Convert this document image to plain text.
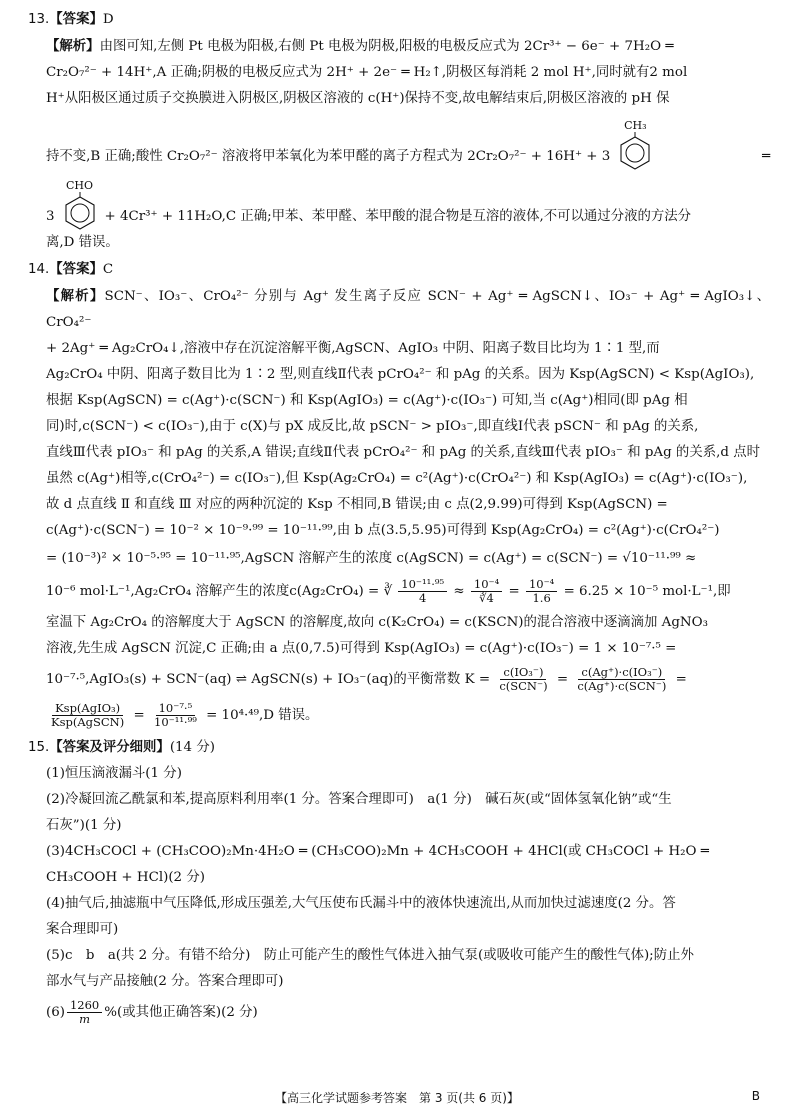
13.【答案】D

【解析】由图可知,左侧 Pt 电极为阳极,右侧 Pt 电极为阴极,阳极的电极反应式为 2Cr³⁺ − 6e⁻ + 7H₂O ═

Cr₂O₇²⁻ + 14H⁺,A 正确;阴极的电极反应式为 2H⁺ + 2e⁻ ═ H₂↑,阴极区每消耗 2 mol H⁺,同时就有2 mol

H⁺从阳极区通过质子交换膜进入阴极区,阴极区溶液的 c(H⁺)保持不变,故电解结束后,阴极区溶液的 pH 保

持不变,B 正确;酸性 Cr₂O₇²⁻ 溶液将甲苯氧化为苯甲醛的离子方程式为 2Cr₂O₇²⁻ + 16H⁺ + 3
CH₃
═
3
CHO
+ 4Cr³⁺ + 11H₂O,C 正确;甲苯、苯甲醛、苯甲酸的混合物是互溶的液体,不可以通过分液的方法分

离,D 错误。

14.【答案】C

【解析】SCN⁻、IO₃⁻、CrO₄²⁻ 分别与 Ag⁺ 发生离子反应 SCN⁻ + Ag⁺ ═ AgSCN↓、IO₃⁻ + Ag⁺ ═ AgIO₃↓、CrO₄²⁻

+ 2Ag⁺ ═ Ag₂CrO₄↓,溶液中存在沉淀溶解平衡,AgSCN、AgIO₃ 中阴、阳离子数目比均为 1∶1 型,而

Ag₂CrO₄ 中阴、阳离子数目比为 1∶2 型,则直线Ⅱ代表 pCrO₄²⁻ 和 pAg 的关系。因为 Ksp(AgSCN) < Ksp(AgIO₃),

根据 Ksp(AgSCN) = c(Ag⁺)·c(SCN⁻) 和 Ksp(AgIO₃) = c(Ag⁺)·c(IO₃⁻) 可知,当 c(Ag⁺)相同(即 pAg 相

同)时,c(SCN⁻) < c(IO₃⁻),由于 c(X)与 pX 成反比,故 pSCN⁻ > pIO₃⁻,即直线Ⅰ代表 pSCN⁻ 和 pAg 的关系,

直线Ⅲ代表 pIO₃⁻ 和 pAg 的关系,A 错误;直线Ⅱ代表 pCrO₄²⁻ 和 pAg 的关系,直线Ⅲ代表 pIO₃⁻ 和 pAg 的关系,d 点时

虽然 c(Ag⁺)相等,c(CrO₄²⁻) = c(IO₃⁻),但 Ksp(Ag₂CrO₄) = c²(Ag⁺)·c(CrO₄²⁻) 和 Ksp(AgIO₃) = c(Ag⁺)·c(IO₃⁻),

故 d 点直线 Ⅱ 和直线 Ⅲ 对应的两种沉淀的 Ksp 不相同,B 错误;由 c 点(2,9.99)可得到 Ksp(AgSCN) =

c(Ag⁺)·c(SCN⁻) = 10⁻² × 10⁻⁹·⁹⁹ = 10⁻¹¹·⁹⁹,由 b 点(3.5,5.95)可得到 Ksp(Ag₂CrO₄) = c²(Ag⁺)·c(CrO₄²⁻)

= (10⁻³)² × 10⁻⁵·⁹⁵ = 10⁻¹¹·⁹⁵,AgSCN 溶解产生的浓度 c(AgSCN) = c(Ag⁺) = c(SCN⁻) = √10⁻¹¹·⁹⁹ ≈

10⁻⁶ mol·L⁻¹,Ag₂CrO₄ 溶解产生的浓度c(Ag₂CrO₄) = ∛ $\frac{\text{10⁻¹¹·⁹⁵}}{4} \approx \frac{\text{10⁻⁴}}{∛4} = \frac{\text{10⁻⁴}}{1.6} = 6.25 \times 10^{-5}$ mol·L⁻¹,即

室温下 Ag₂CrO₄ 的溶解度大于 AgSCN 的溶解度,故向 c(K₂CrO₄) = c(KSCN)的混合溶液中逐滴滴加 AgNO₃

溶液,先生成 AgSCN 沉淀,C 正确;由 a 点(0,7.5)可得到 Ksp(AgIO₃) = c(Ag⁺)·c(IO₃⁻) = 1 × 10⁻⁷·⁵ =

10⁻⁷·⁵,AgIO₃(s) + SCN⁻(aq) ⇌ AgSCN(s) + IO₃⁻(aq)的平衡常数 $K = \frac{\text{c(IO₃⁻)}}{\text{c(SCN⁻)}} = \frac{\text{c(Ag⁺)·c(IO₃⁻)}}{\text{c(Ag⁺)·c(SCN⁻)}}$ =

$\frac{\text{Ksp(AgIO₃)}}{\text{Ksp(AgSCN)}} = \frac{\text{10⁻⁷·⁵}}{\text{10⁻¹¹·⁹⁹}} = 10^4\cdot^{49},D$ 错误。

15.【答案及评分细则】(14 分)

(1)恒压滴液漏斗(1 分)

(2)冷凝回流乙酰氯和苯,提高原料利用率(1 分。答案合理即可)　a(1 分)　碱石灰(或“固体氢氧化钠”或“生

石灰”)(1 分)

(3)4CH₃COCl + (CH₃COO)₂Mn·4H₂O ═ (CH₃COO)₂Mn + 4CH₃COOH + 4HCl(或 CH₃COCl + H₂O ═

CH₃COOH + HCl)(2 分)

(4)抽气后,抽滤瓶中气压降低,形成压强差,大气压使布氏漏斗中的液体快速流出,从而加快过滤速度(2 分。答

案合理即可)

(5)c　b　a(共 2 分。有错不给分)　防止可能产生的酸性气体进入抽气泵(或吸收可能产生的酸性气体);防止外

部水气与产品接触(2 分。答案合理即可)

$(6) \frac{1260}{m}$ %(或其他正确答案)(2 分)

【高三化学试题参考答案　第 3 页(共 6 页)】	B
